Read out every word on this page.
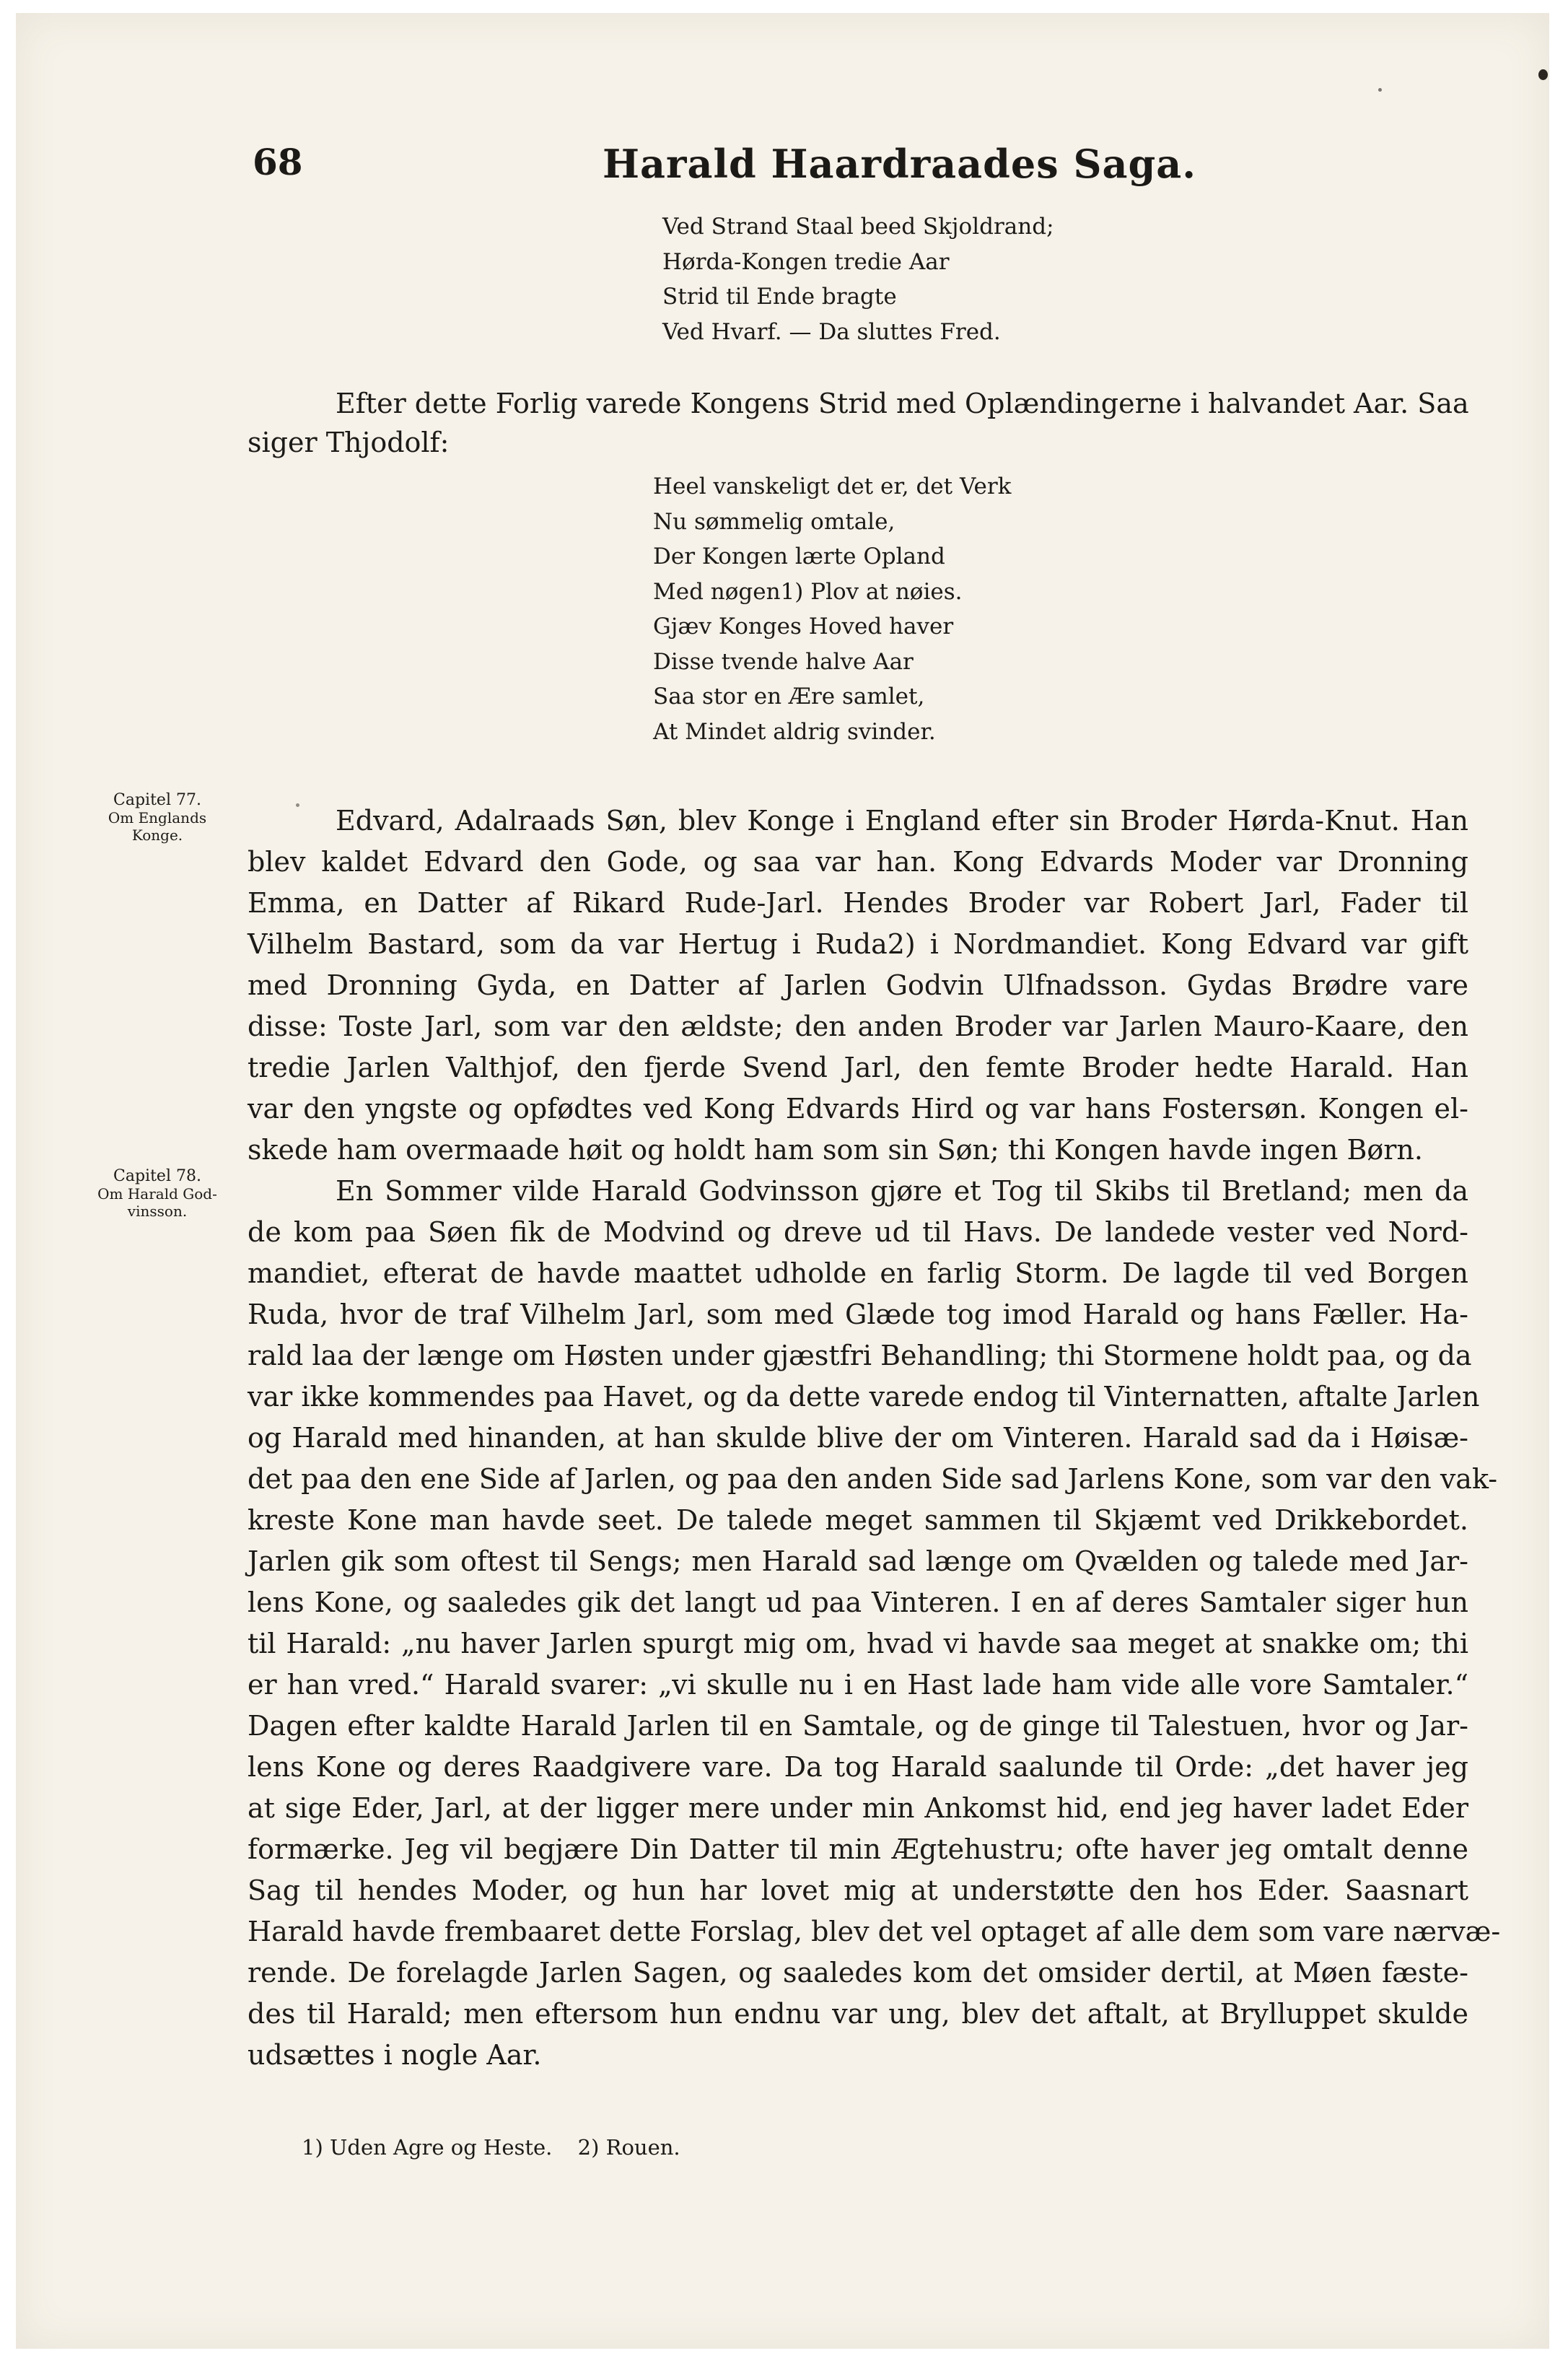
68	Harald Haardraades Saga.
Ved Strand Staal beed Skjoldrand;
Hørda-Kongen tredie Aar
Strid til Ende bragte
Ved Hvarf. — Da sluttes Fred.
Efter dette Forlig varede Kongens Strid med Oplændingerne i halvandet Aar. Saa
siger Thjodolf:
Heel vanskeligt det er, det Verk
Nu sømmelig omtale,
Der Kongen lærte Opland
Med nøgen1) Plov at nøies.
Gjæv Konges Hoved haver
Disse tvende halve Aar
Saa stor en Ære samlet,
At Mindet aldrig svinder.
Capitel 77.
Om Englands
Konge.	Edvard, Adalraads Søn, blev Konge i England efter sin Broder Hørda-Knut. Han
blev kaldet Edvard den Gode, og saa var han. Kong Edvards Moder var Dronning
Emma, en Datter af Rikard Rude-Jarl. Hendes Broder var Robert Jarl, Fader til
Vilhelm Bastard, som da var Hertug i Ruda2) i Nordmandiet. Kong Edvard var gift
med Dronning Gyda, en Datter af Jarlen Godvin Ulfnadsson. Gydas Brødre vare
disse: Toste Jarl, som var den ældste; den anden Broder var Jarlen Mauro-Kaare, den
tredie Jarlen Valthjof, den fjerde Svend Jarl, den femte Broder hedte Harald. Han
var den yngste og opfødtes ved Kong Edvards Hird og var hans Fostersøn. Kongen el-
skede ham overmaade høit og holdt ham som sin Søn; thi Kongen havde ingen Børn.
Capitel 78.
Om Harald God-
vinsson.
En Sommer vilde Harald Godvinsson gjøre et Tog til Skibs til Bretland; men da
de kom paa Søen fik de Modvind og dreve ud til Havs. De landede vester ved Nord-
mandiet, efterat de havde maattet udholde en farlig Storm. De lagde til ved Borgen
Ruda, hvor de traf Vilhelm Jarl, som med Glæde tog imod Harald og hans Fæller. Ha-
rald laa der længe om Høsten under gjæstfri Behandling; thi Stormene holdt paa, og da
var ikke kommendes paa Havet, og da dette varede endog til Vinternatten, aftalte Jarlen
og Harald med hinanden, at han skulde blive der om Vinteren. Harald sad da i Høisæ-
det paa den ene Side af Jarlen, og paa den anden Side sad Jarlens Kone, som var den vak-
kreste Kone man havde seet. De talede meget sammen til Skjæmt ved Drikkebordet.
Jarlen gik som oftest til Sengs; men Harald sad længe om Qvælden og talede med Jar-
lens Kone, og saaledes gik det langt ud paa Vinteren. I en af deres Samtaler siger hun
til Harald: „nu haver Jarlen spurgt mig om, hvad vi havde saa meget at snakke om; thi
er han vred.“ Harald svarer: „vi skulle nu i en Hast lade ham vide alle vore Samtaler.“
Dagen efter kaldte Harald Jarlen til en Samtale, og de ginge til Talestuen, hvor og Jar-
lens Kone og deres Raadgivere vare. Da tog Harald saalunde til Orde: „det haver jeg
at sige Eder, Jarl, at der ligger mere under min Ankomst hid, end jeg haver ladet Eder
formærke. Jeg vil begjære Din Datter til min Ægtehustru; ofte haver jeg omtalt denne
Sag til hendes Moder, og hun har lovet mig at understøtte den hos Eder. Saasnart
Harald havde frembaaret dette Forslag, blev det vel optaget af alle dem som vare nærvæ-
rende. De forelagde Jarlen Sagen, og saaledes kom det omsider dertil, at Møen fæste-
des til Harald; men eftersom hun endnu var ung, blev det aftalt, at Brylluppet skulde
udsættes i nogle Aar.
1) Uden Agre og Heste. 2) Rouen.
